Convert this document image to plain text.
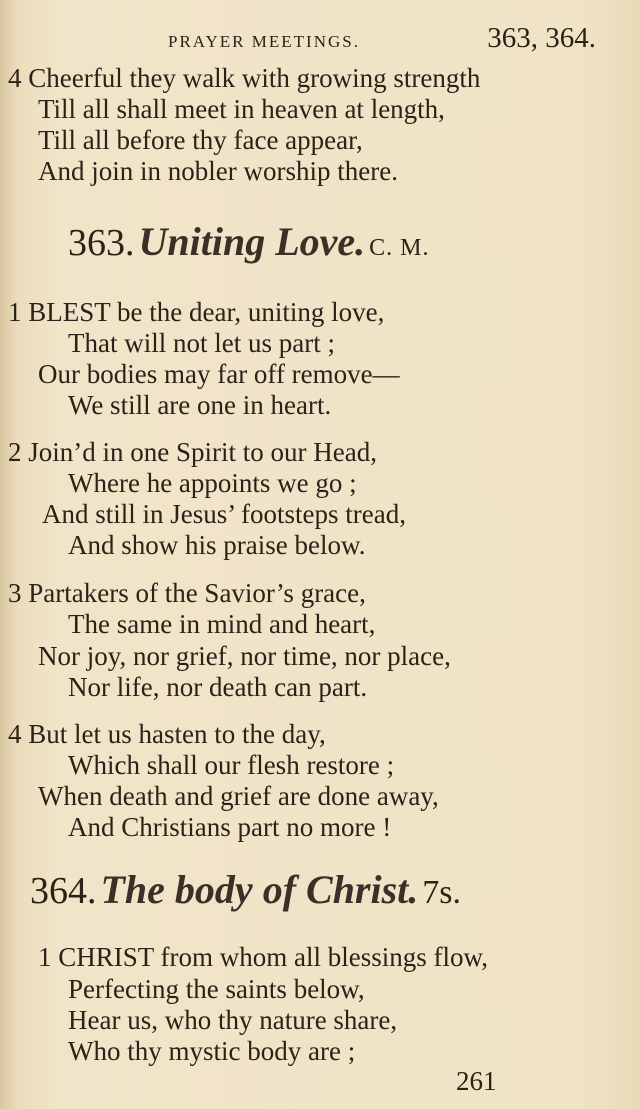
PRAYER MEETINGS.	363, 364.
4 Cheerful they walk with growing strength
Till all shall meet in heaven at length,
Till all before thy face appear,
And join in nobler worship there.
363. Uniting Love. C. M.
1 BLEST be the dear, uniting love,
That will not let us part ;
Our bodies may far off remove—
We still are one in heart.
2 Join’d in one Spirit to our Head,
Where he appoints we go ;
And still in Jesus’ footsteps tread,
And show his praise below.
3 Partakers of the Savior’s grace,
The same in mind and heart,
Nor joy, nor grief, nor time, nor place,
Nor life, nor death can part.
4 But let us hasten to the day,
Which shall our flesh restore ;
When death and grief are done away,
And Christians part no more !
364. The body of Christ. 7s.
1 CHRIST from whom all blessings flow,
Perfecting the saints below,
Hear us, who thy nature share,
Who thy mystic body are ;
261
